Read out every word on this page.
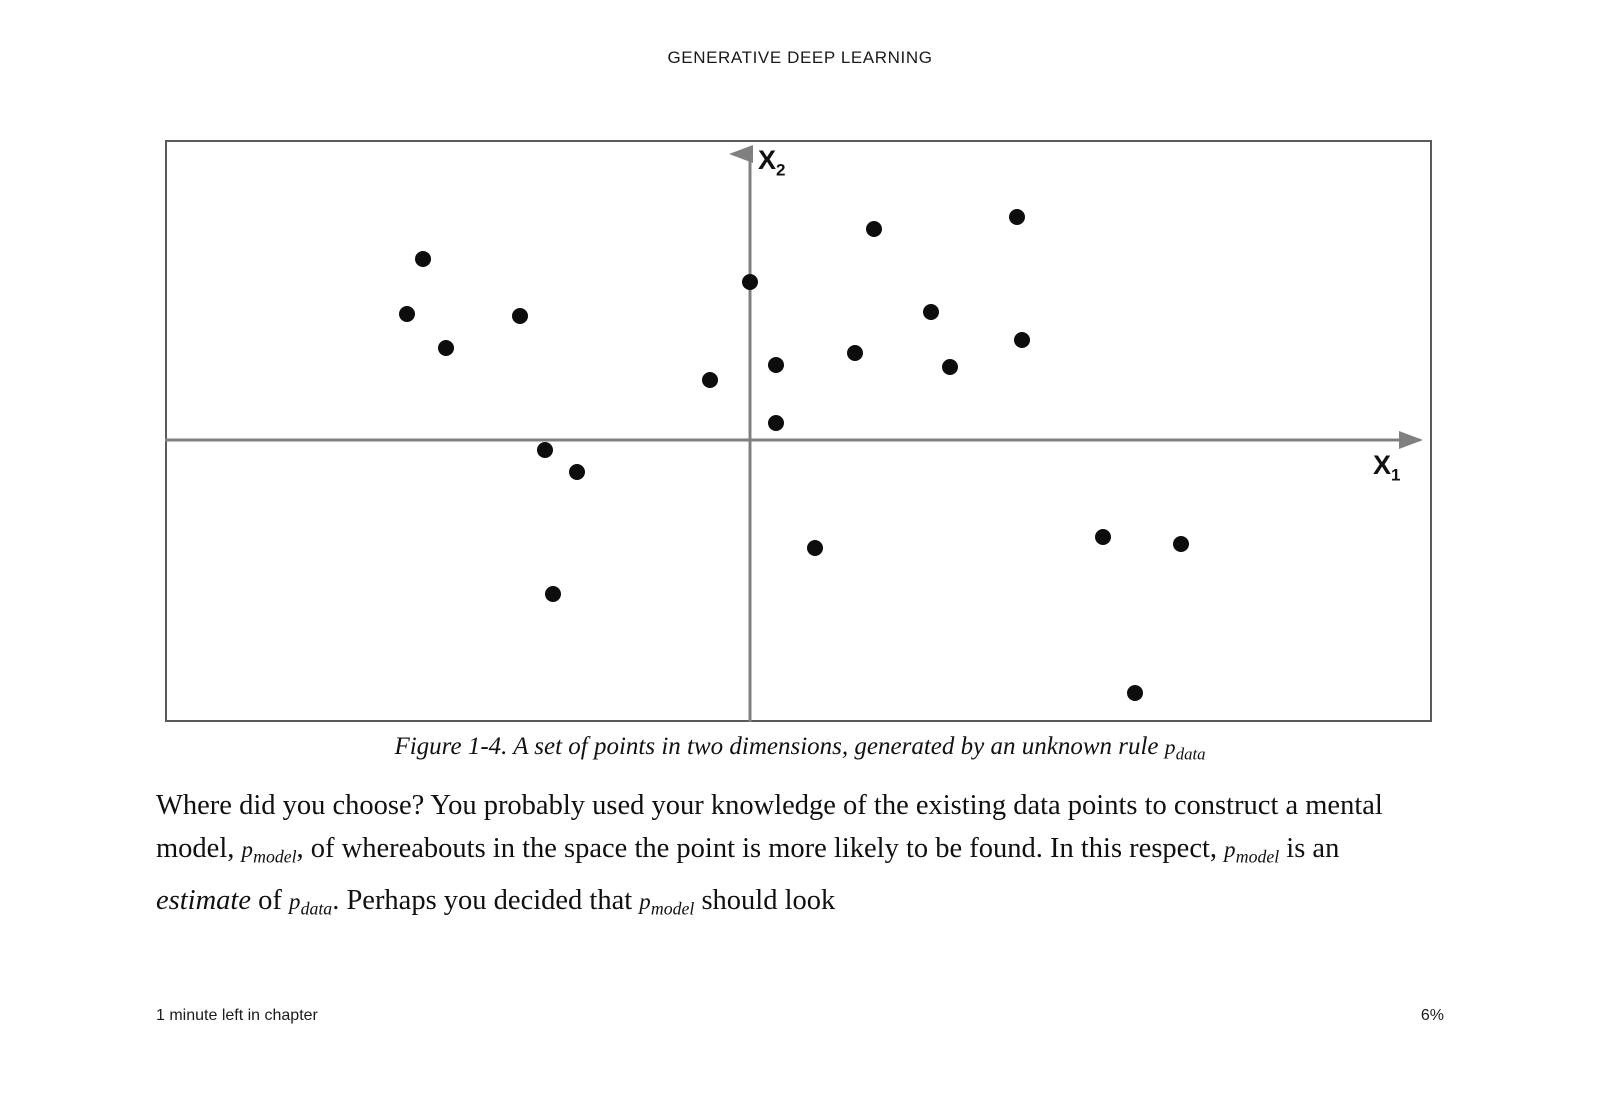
GENERATIVE DEEP LEARNING
$X_2$
$X_1$
Figure 1-4. A set of points in two dimensions, generated by an unknown rule $p_{data}$
Where did you choose? You probably used your knowledge of the existing data points to construct a mental model, $p_{model}$, of whereabouts in the space the point is more likely to be found. In this respect, $p_{model}$ is an estimate of $p_{data}$. Perhaps you decided that $p_{model}$ should look
1 minute left in chapter	6%
